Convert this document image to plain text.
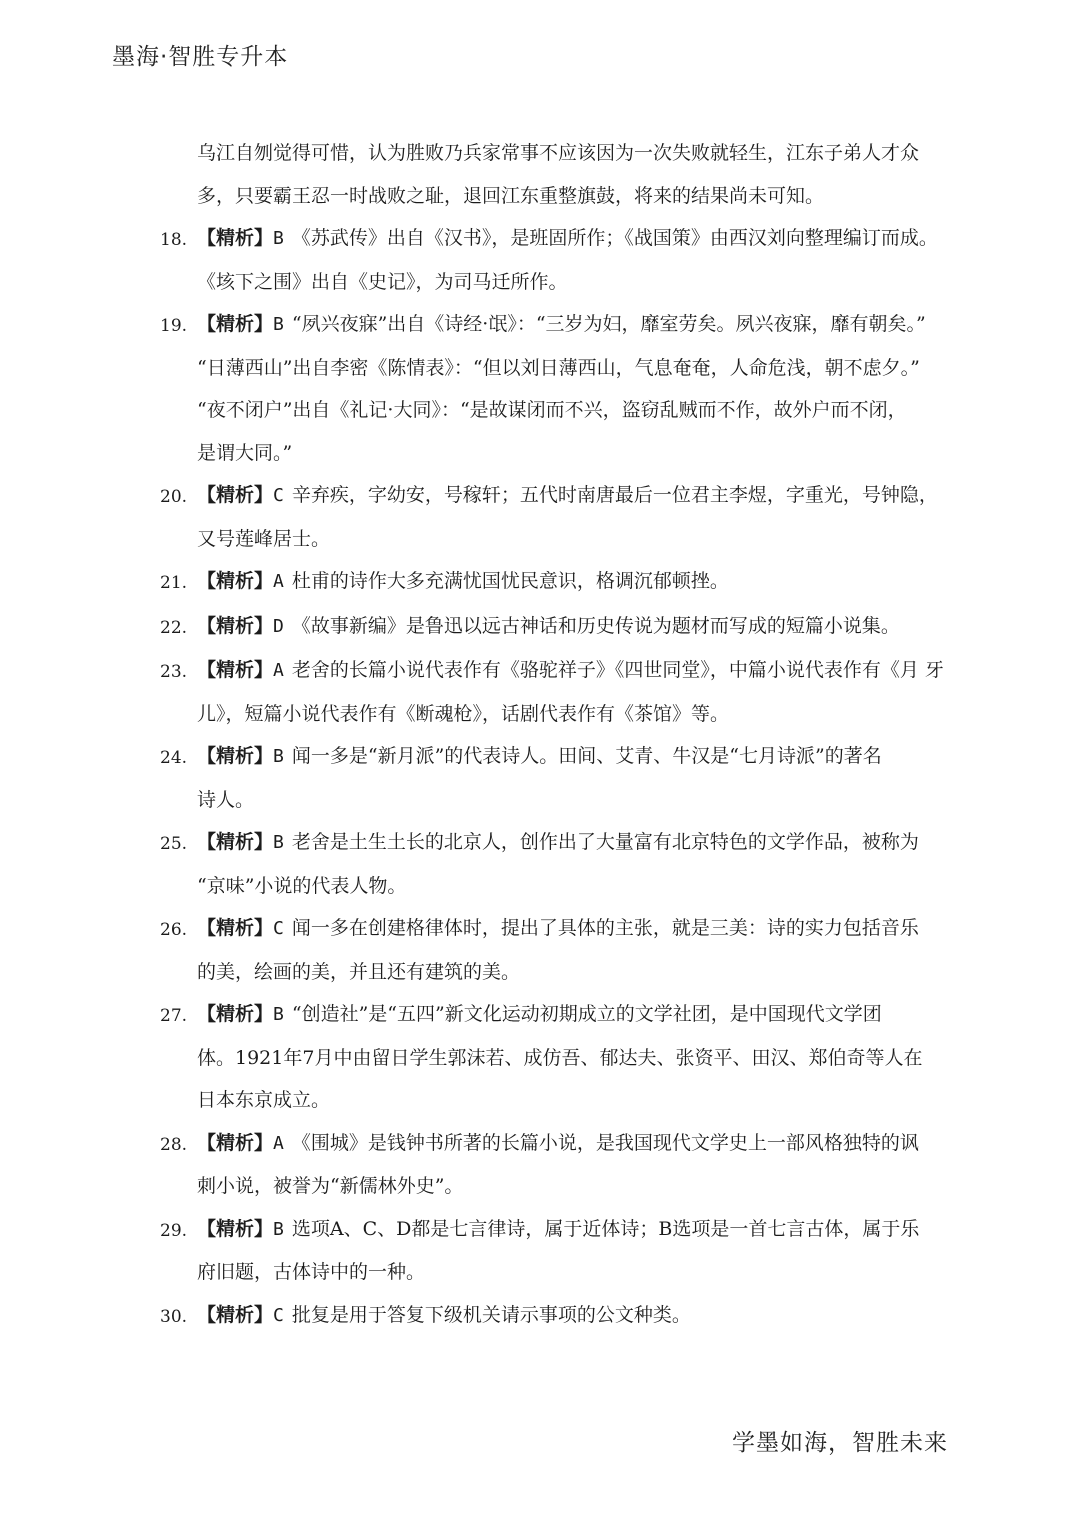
墨海·智胜专升本
乌江自刎觉得可惜，认为胜败乃兵家常事不应该因为一次失败就轻生，江东子弟人才众
多，只要霸王忍一时战败之耻，退回江东重整旗鼓，将来的结果尚未可知。
18. 【精析】B 《苏武传》出自《汉书》，是班固所作；《战国策》由西汉刘向整理编订而成。
《垓下之围》出自《史记》，为司马迁所作。
19. 【精析】B “夙兴夜寐”出自《诗经·氓》：“三岁为妇，靡室劳矣。夙兴夜寐，靡有朝矣。”
“日薄西山”出自李密《陈情表》：“但以刘日薄西山，气息奄奄，人命危浅，朝不虑夕。”
“夜不闭户”出自《礼记·大同》：“是故谋闭而不兴，盗窃乱贼而不作，故外户而不闭，
是谓大同。”
20. 【精析】C 辛弃疾，字幼安，号稼轩；五代时南唐最后一位君主李煜，字重光，号钟隐，
又号莲峰居士。
21. 【精析】A 杜甫的诗作大多充满忧国忧民意识，格调沉郁顿挫。
22. 【精析】D 《故事新编》是鲁迅以远古神话和历史传说为题材而写成的短篇小说集。
23. 【精析】A 老舍的长篇小说代表作有《骆驼祥子》《四世同堂》，中篇小说代表作有《月 牙
儿》，短篇小说代表作有《断魂枪》，话剧代表作有《茶馆》等。
24. 【精析】B 闻一多是“新月派”的代表诗人。田间、艾青、牛汉是“七月诗派”的著名
诗人。
25. 【精析】B 老舍是土生土长的北京人，创作出了大量富有北京特色的文学作品，被称为
“京味”小说的代表人物。
26. 【精析】C 闻一多在创建格律体时，提出了具体的主张，就是三美：诗的实力包括音乐
的美，绘画的美，并且还有建筑的美。
27. 【精析】B “创造社”是“五四”新文化运动初期成立的文学社团，是中国现代文学团
体。1921年7月中由留日学生郭沫若、成仿吾、郁达夫、张资平、田汉、郑伯奇等人在
日本东京成立。
28. 【精析】A 《围城》是钱钟书所著的长篇小说，是我国现代文学史上一部风格独特的讽
刺小说，被誉为“新儒林外史”。
29. 【精析】B 选项A、C、D都是七言律诗，属于近体诗；B选项是一首七言古体，属于乐
府旧题，古体诗中的一种。
30. 【精析】C 批复是用于答复下级机关请示事项的公文种类。
学墨如海，智胜未来
